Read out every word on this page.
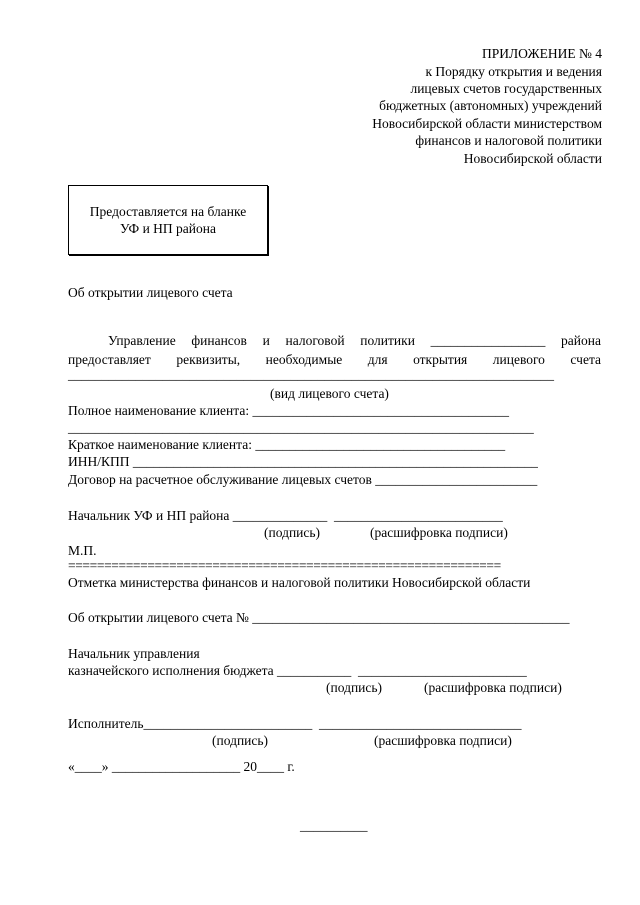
ПРИЛОЖЕНИЕ № 4
к Порядку открытия и ведения
лицевых счетов государственных
бюджетных (автономных) учреждений
Новосибирской области министерством
финансов и налоговой политики
Новосибирской области
Предоставляется на бланке
УФ и НП района
Об открытии лицевого счета
Управление финансов и налоговой политики _________________ района
предоставляет реквизиты, необходимые для открытия лицевого счета
________________________________________________________________________
(вид лицевого счета)
Полное наименование клиента: ______________________________________
_____________________________________________________________________
Краткое наименование клиента: _____________________________________
ИНН/КПП ____________________________________________________________
Договор на расчетное обслуживание лицевых счетов ________________________
Начальник УФ и НП района ______________  _________________________
(подпись)	(расшифровка подписи)
М.П.
============================================================
Отметка министерства финансов и налоговой политики Новосибирской области
Об открытии лицевого счета № _______________________________________________
Начальник управления
казначейского исполнения бюджета ___________  _________________________
(подпись)	(расшифровка подписи)
Исполнитель_________________________  ______________________________
(подпись)	(расшифровка подписи)
«____» ___________________ 20____ г.
__________
